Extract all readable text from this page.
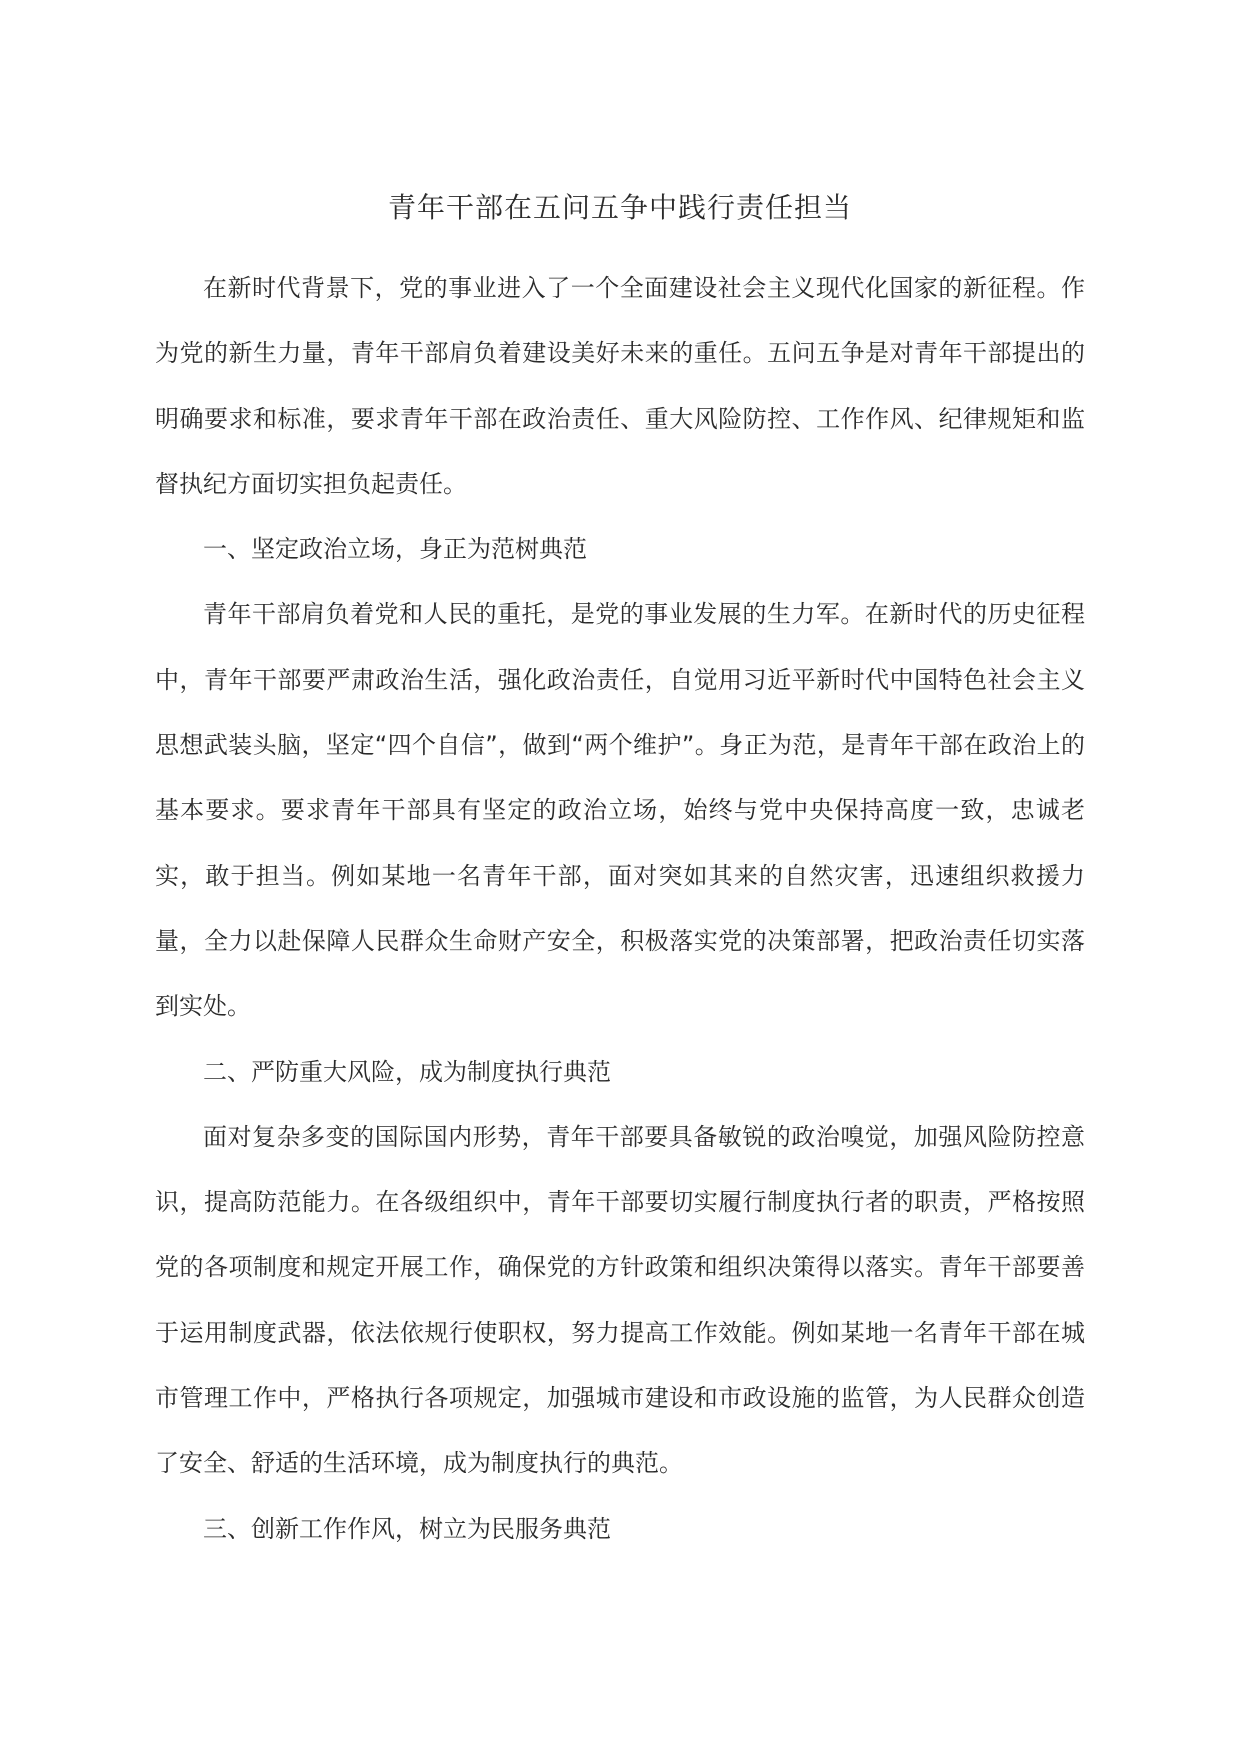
青年干部在五问五争中践行责任担当

在新时代背景下，党的事业进入了一个全面建设社会主义现代化国家的新征程。作为党的新生力量，青年干部肩负着建设美好未来的重任。五问五争是对青年干部提出的明确要求和标准，要求青年干部在政治责任、重大风险防控、工作作风、纪律规矩和监督执纪方面切实担负起责任。

一、坚定政治立场，身正为范树典范

青年干部肩负着党和人民的重托，是党的事业发展的生力军。在新时代的历史征程中，青年干部要严肃政治生活，强化政治责任，自觉用习近平新时代中国特色社会主义思想武装头脑，坚定“四个自信”，做到“两个维护”。身正为范，是青年干部在政治上的基本要求。要求青年干部具有坚定的政治立场，始终与党中央保持高度一致，忠诚老实，敢于担当。例如某地一名青年干部，面对突如其来的自然灾害，迅速组织救援力量，全力以赴保障人民群众生命财产安全，积极落实党的决策部署，把政治责任切实落到实处。

二、严防重大风险，成为制度执行典范

面对复杂多变的国际国内形势，青年干部要具备敏锐的政治嗅觉，加强风险防控意识，提高防范能力。在各级组织中，青年干部要切实履行制度执行者的职责，严格按照党的各项制度和规定开展工作，确保党的方针政策和组织决策得以落实。青年干部要善于运用制度武器，依法依规行使职权，努力提高工作效能。例如某地一名青年干部在城市管理工作中，严格执行各项规定，加强城市建设和市政设施的监管，为人民群众创造了安全、舒适的生活环境，成为制度执行的典范。

三、创新工作作风，树立为民服务典范
